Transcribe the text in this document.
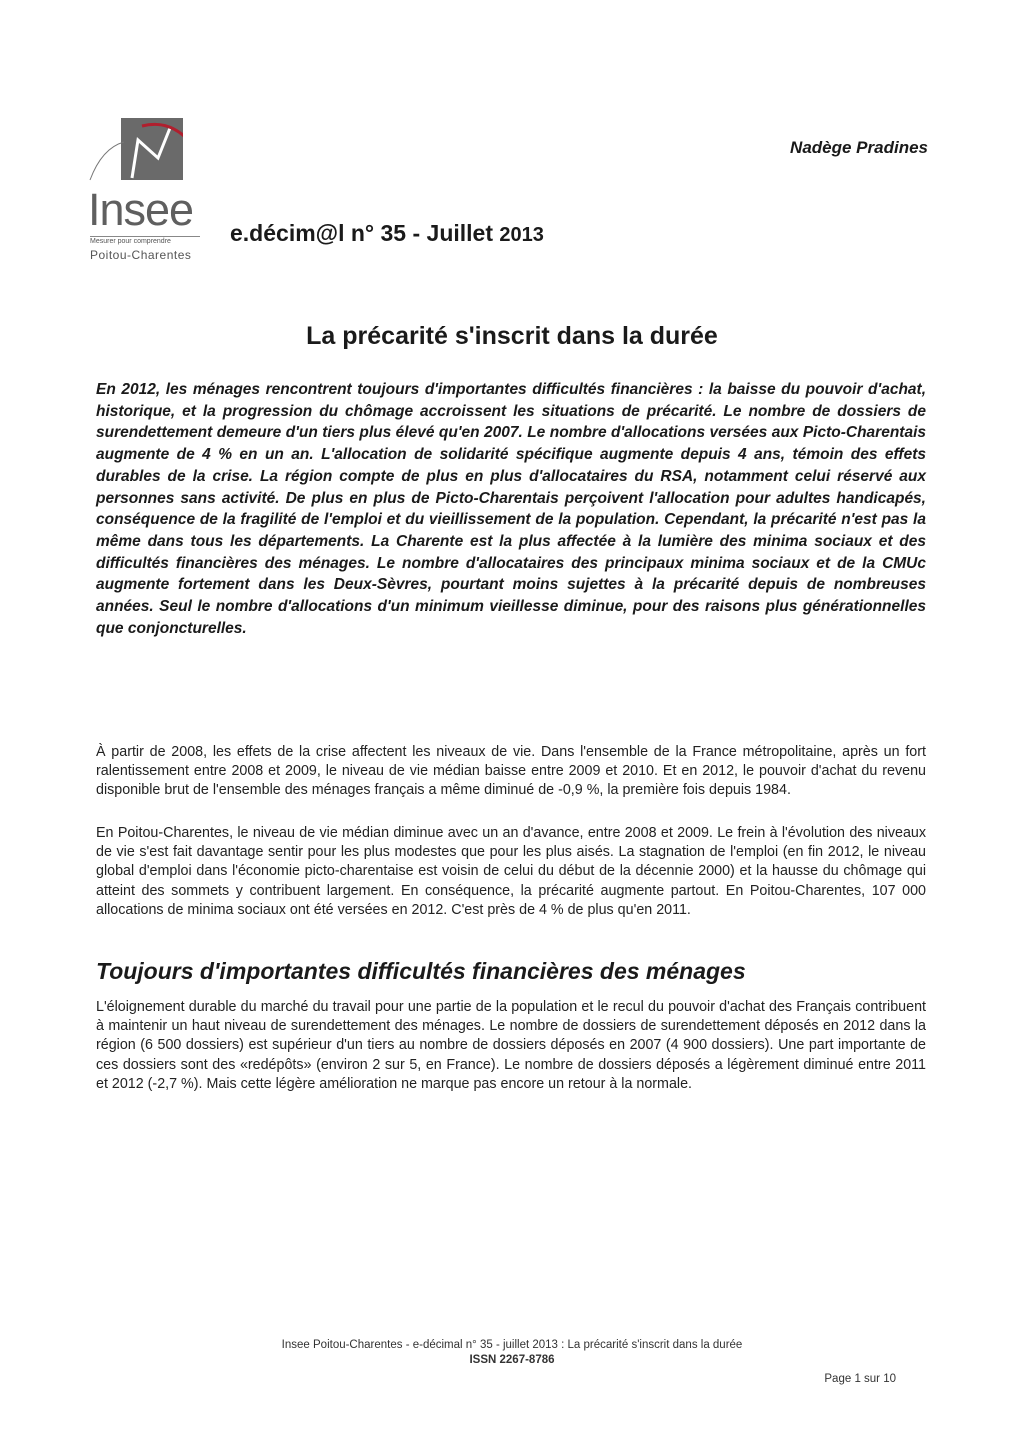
Insee
Mesurer pour comprendre
Poitou-Charentes
Nadège Pradines
e.décim@l n° 35 - Juillet 2013
La précarité s'inscrit dans la durée

En 2012, les ménages rencontrent toujours d'importantes difficultés financières : la baisse du pouvoir d'achat, historique, et la progression du chômage accroissent les situations de précarité. Le nombre de dossiers de surendettement demeure d'un tiers plus élevé qu'en 2007. Le nombre d'allocations versées aux Picto-Charentais augmente de 4 % en un an. L'allocation de solidarité spécifique augmente depuis 4 ans, témoin des effets durables de la crise. La région compte de plus en plus d'allocataires du RSA, notamment celui réservé aux personnes sans activité. De plus en plus de Picto-Charentais perçoivent l'allocation pour adultes handicapés, conséquence de la fragilité de l'emploi et du vieillissement de la population. Cependant, la précarité n'est pas la même dans tous les départements. La Charente est la plus affectée à la lumière des minima sociaux et des difficultés financières des ménages. Le nombre d'allocataires des principaux minima sociaux et de la CMUc augmente fortement dans les Deux-Sèvres, pourtant moins sujettes à la précarité depuis de nombreuses années. Seul le nombre d'allocations d'un minimum vieillesse diminue, pour des raisons plus générationnelles que conjoncturelles.

À partir de 2008, les effets de la crise affectent les niveaux de vie. Dans l'ensemble de la France métropolitaine, après un fort ralentissement entre 2008 et 2009, le niveau de vie médian baisse entre 2009 et 2010. Et en 2012, le pouvoir d'achat du revenu disponible brut de l'ensemble des ménages français a même diminué de -0,9 %, la première fois depuis 1984.

En Poitou-Charentes, le niveau de vie médian diminue avec un an d'avance, entre 2008 et 2009. Le frein à l'évolution des niveaux de vie s'est fait davantage sentir pour les plus modestes que pour les plus aisés. La stagnation de l'emploi (en fin 2012, le niveau global d'emploi dans l'économie picto-charentaise est voisin de celui du début de la décennie 2000) et la hausse du chômage qui atteint des sommets y contribuent largement. En conséquence, la précarité augmente partout. En Poitou-Charentes, 107 000 allocations de minima sociaux ont été versées en 2012. C'est près de 4 % de plus qu'en 2011.

Toujours d'importantes difficultés financières des ménages

L'éloignement durable du marché du travail pour une partie de la population et le recul du pouvoir d'achat des Français contribuent à maintenir un haut niveau de surendettement des ménages. Le nombre de dossiers de surendettement déposés en 2012 dans la région (6 500 dossiers) est supérieur d'un tiers au nombre de dossiers déposés en 2007 (4 900 dossiers). Une part importante de ces dossiers sont des «redépôts» (environ 2 sur 5, en France). Le nombre de dossiers déposés a légèrement diminué entre 2011 et 2012 (-2,7 %). Mais cette légère amélioration ne marque pas encore un retour à la normale.

Insee Poitou-Charentes - e-décimal n° 35 - juillet 2013 : La précarité s'inscrit dans la durée
ISSN 2267-8786
Page 1 sur 10
